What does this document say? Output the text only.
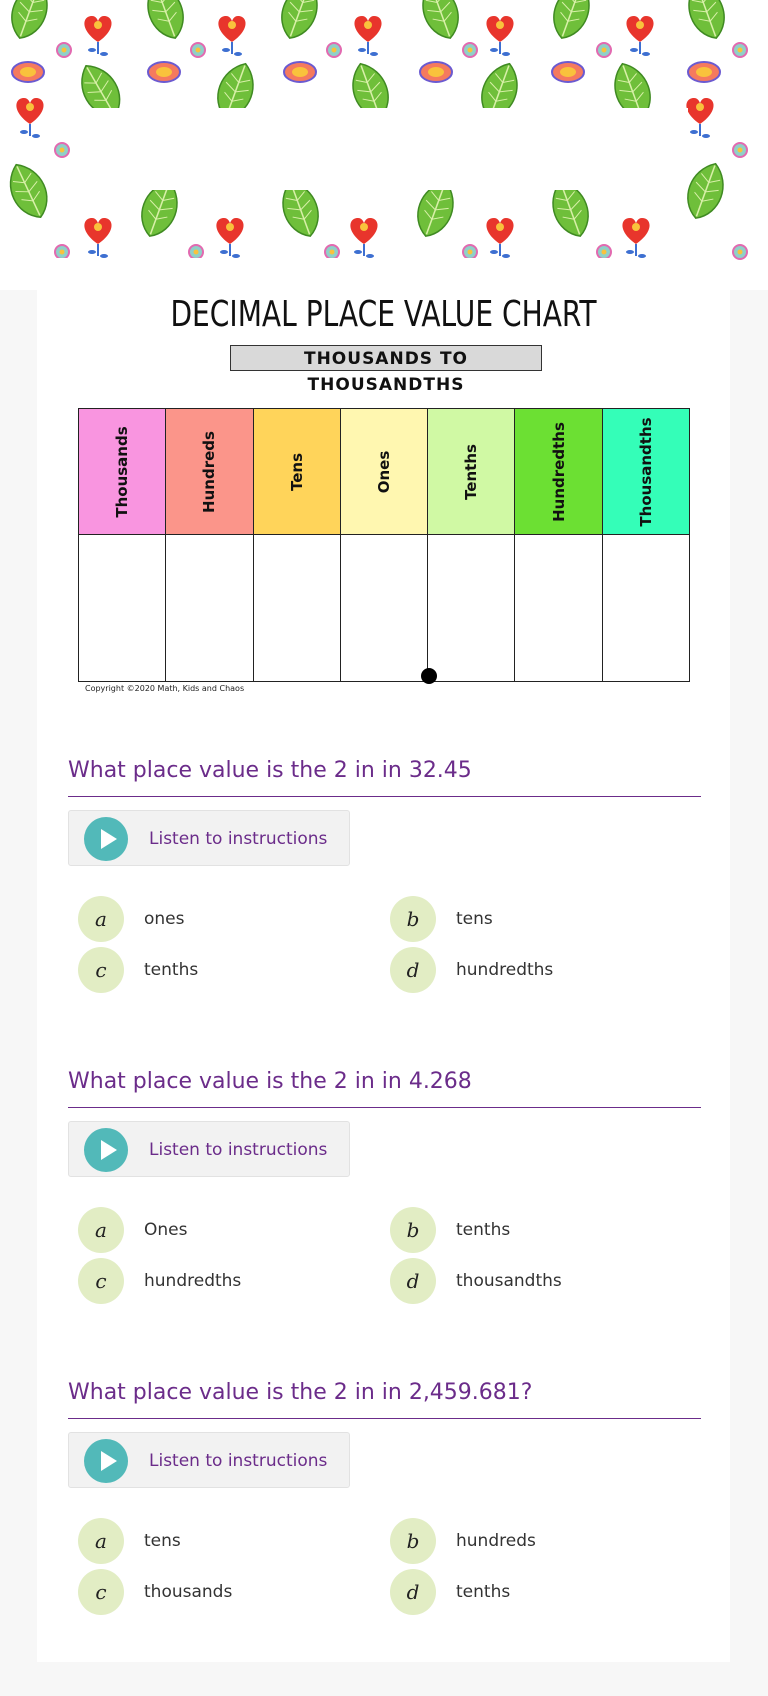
DECIMAL PLACE VALUE CHART
THOUSANDS TO THOUSANDTHS
Thousands	Hundreds	Tens	Ones	Tenths	Hundredths	Thousandths

Copyright ©2020 Math, Kids and Chaos

What place value is the 2 in in 32.45

Listen to instructions
a	ones	b	tens
c	tenths	d	hundredths

What place value is the 2 in in 4.268

Listen to instructions
a	Ones	b	tenths
c	hundredths	d	thousandths

What place value is the 2 in in 2,459.681?

Listen to instructions
a	tens	b	hundreds
c	thousands	d	tenths
